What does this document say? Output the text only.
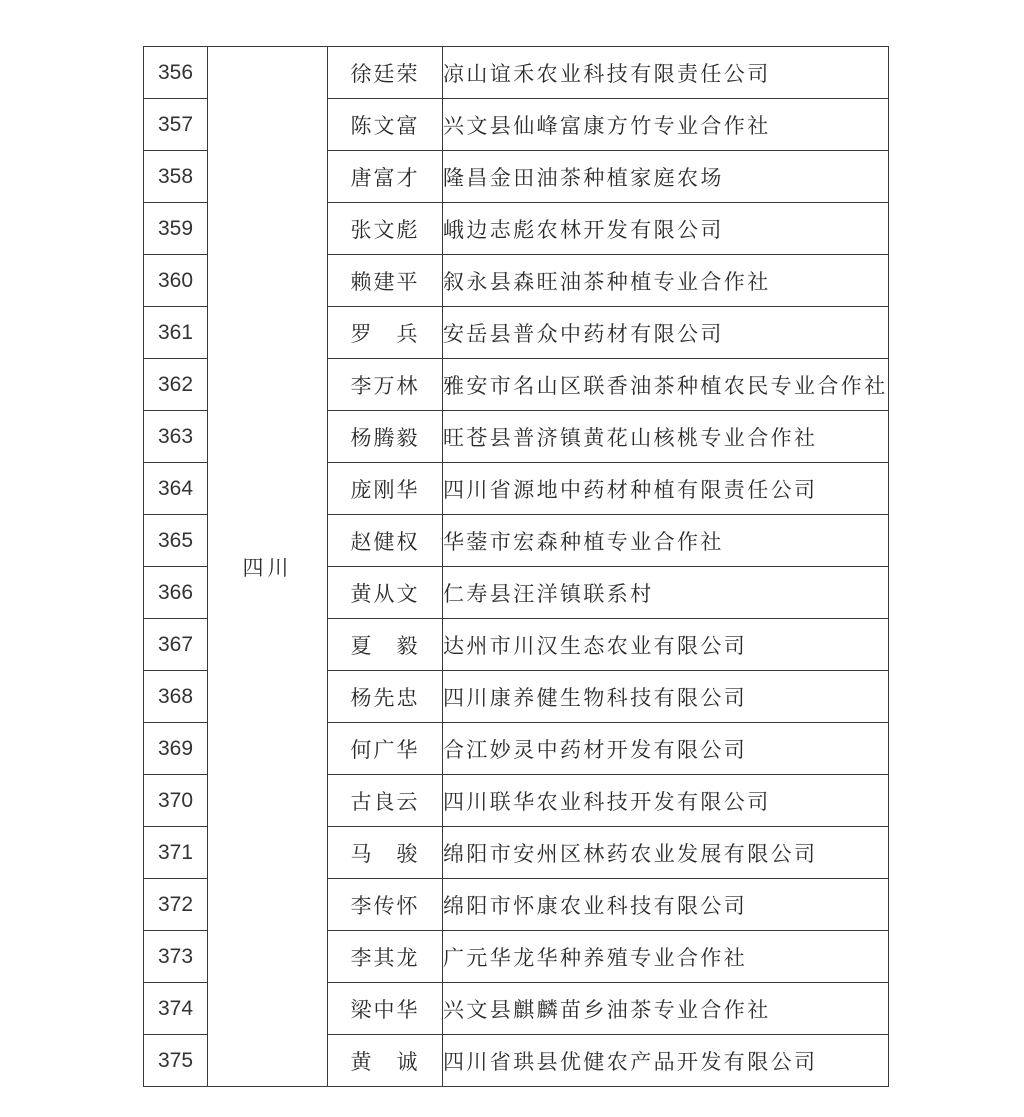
356	四川	徐廷荣	凉山谊禾农业科技有限责任公司
357		陈文富	兴文县仙峰富康方竹专业合作社
358		唐富才	隆昌金田油茶种植家庭农场
359		张文彪	峨边志彪农林开发有限公司
360		赖建平	叙永县森旺油茶种植专业合作社
361		罗　兵	安岳县普众中药材有限公司
362		李万林	雅安市名山区联香油茶种植农民专业合作社
363		杨腾毅	旺苍县普济镇黄花山核桃专业合作社
364		庞刚华	四川省源地中药材种植有限责任公司
365		赵健权	华蓥市宏森种植专业合作社
366		黄从文	仁寿县汪洋镇联系村
367		夏　毅	达州市川汉生态农业有限公司
368		杨先忠	四川康养健生物科技有限公司
369		何广华	合江妙灵中药材开发有限公司
370		古良云	四川联华农业科技开发有限公司
371		马　骏	绵阳市安州区林药农业发展有限公司
372		李传怀	绵阳市怀康农业科技有限公司
373		李其龙	广元华龙华种养殖专业合作社
374		梁中华	兴文县麒麟苗乡油茶专业合作社
375		黄　诚	四川省珙县优健农产品开发有限公司
